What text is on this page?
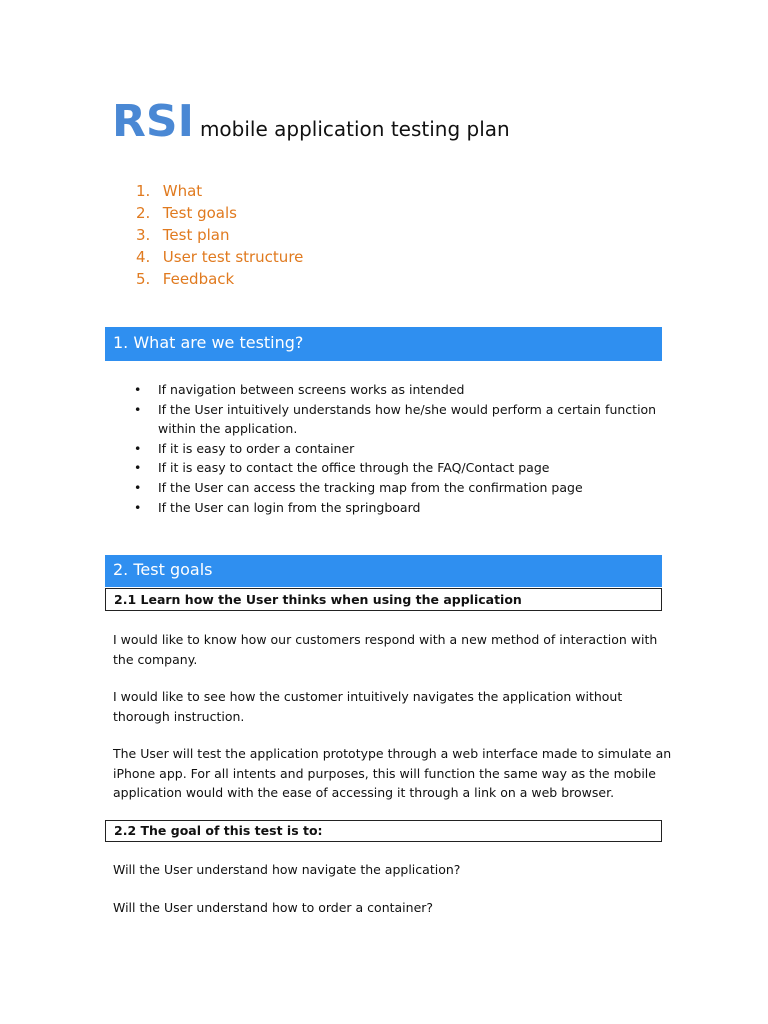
RSI mobile application testing plan
1. What
2. Test goals
3. Test plan
4. User test structure
5. Feedback
1. What are we testing?
• If navigation between screens works as intended
• If the User intuitively understands how he/she would perform a certain function within the application.
• If it is easy to order a container
• If it is easy to contact the office through the FAQ/Contact page
• If the User can access the tracking map from the confirmation page
• If the User can login from the springboard
2. Test goals
2.1 Learn how the User thinks when using the application

I would like to know how our customers respond with a new method of interaction with the company.

I would like to see how the customer intuitively navigates the application without thorough instruction.

The User will test the application prototype through a web interface made to simulate an iPhone app. For all intents and purposes, this will function the same way as the mobile application would with the ease of accessing it through a link on a web browser.

2.2 The goal of this test is to:

Will the User understand how navigate the application?

Will the User understand how to order a container?
